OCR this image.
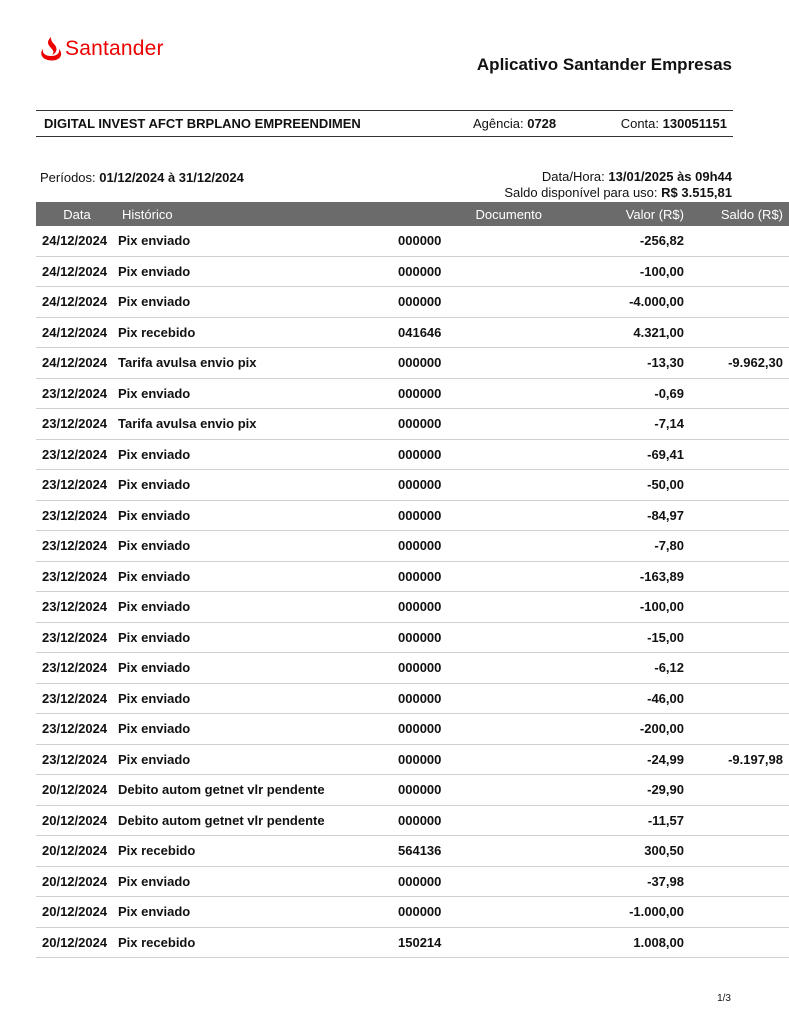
Santander
Aplicativo Santander Empresas
DIGITAL INVEST AFCT BRPLANO EMPREENDIMEN	Agência: 0728	Conta: 130051151
Períodos: 01/12/2024 à 31/12/2024	Data/Hora: 13/01/2025 às 09h44
Saldo disponível para uso: R$ 3.515,81
Data	Histórico	Documento	Valor (R$)	Saldo (R$)
24/12/2024	Pix enviado	000000	-256,82	
24/12/2024	Pix enviado	000000	-100,00	
24/12/2024	Pix enviado	000000	-4.000,00	
24/12/2024	Pix recebido	041646	4.321,00	
24/12/2024	Tarifa avulsa envio pix	000000	-13,30	-9.962,30
23/12/2024	Pix enviado	000000	-0,69	
23/12/2024	Tarifa avulsa envio pix	000000	-7,14	
23/12/2024	Pix enviado	000000	-69,41	
23/12/2024	Pix enviado	000000	-50,00	
23/12/2024	Pix enviado	000000	-84,97	
23/12/2024	Pix enviado	000000	-7,80	
23/12/2024	Pix enviado	000000	-163,89	
23/12/2024	Pix enviado	000000	-100,00	
23/12/2024	Pix enviado	000000	-15,00	
23/12/2024	Pix enviado	000000	-6,12	
23/12/2024	Pix enviado	000000	-46,00	
23/12/2024	Pix enviado	000000	-200,00	
23/12/2024	Pix enviado	000000	-24,99	-9.197,98
20/12/2024	Debito autom getnet vlr pendente	000000	-29,90	
20/12/2024	Debito autom getnet vlr pendente	000000	-11,57	
20/12/2024	Pix recebido	564136	300,50	
20/12/2024	Pix enviado	000000	-37,98	
20/12/2024	Pix enviado	000000	-1.000,00	
20/12/2024	Pix recebido	150214	1.008,00	
1/3
